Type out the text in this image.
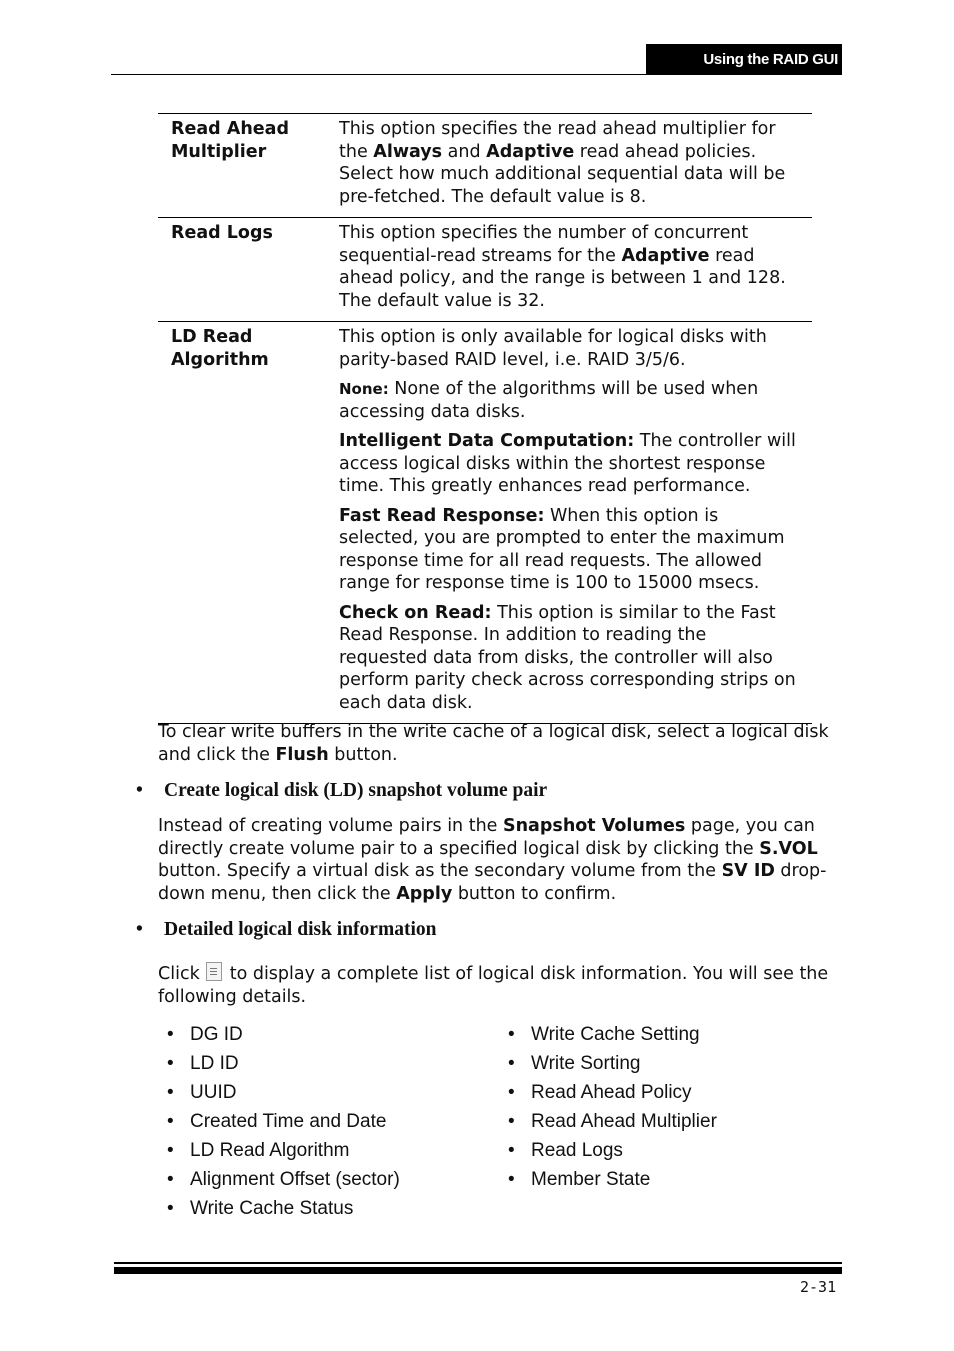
Using the RAID GUI
Read Ahead Multiplier
This option specifies the read ahead multiplier for the Always and Adaptive read ahead policies. Select how much additional sequential data will be pre-fetched. The default value is 8.
Read Logs	This option specifies the number of concurrent sequential-read streams for the Adaptive read ahead policy, and the range is between 1 and 128. The default value is 32.
LD Read Algorithm

This option is only available for logical disks with parity-based RAID level, i.e. RAID 3/5/6.

None: None of the algorithms will be used when accessing data disks.

Intelligent Data Computation: The controller will access logical disks within the shortest response time. This greatly enhances read performance.

Fast Read Response: When this option is selected, you are prompted to enter the maximum response time for all read requests. The allowed range for response time is 100 to 15000 msecs.

Check on Read: This option is similar to the Fast Read Response. In addition to reading the requested data from disks, the controller will also perform parity check across corresponding strips on each data disk.

To clear write buffers in the write cache of a logical disk, select a logical disk and click the Flush button.
• Create logical disk (LD) snapshot volume pair
Instead of creating volume pairs in the Snapshot Volumes page, you can directly create volume pair to a specified logical disk by clicking the S.VOL button. Specify a virtual disk as the secondary volume from the SV ID drop-down menu, then click the Apply button to confirm.
• Detailed logical disk information
Click to display a complete list of logical disk information. You will see the following details.
• DG ID
• LD ID
• UUID
• Created Time and Date
• LD Read Algorithm
• Alignment Offset (sector)
• Write Cache Status
• Write Cache Setting
• Write Sorting
• Read Ahead Policy
• Read Ahead Multiplier
• Read Logs
• Member State
2-31
